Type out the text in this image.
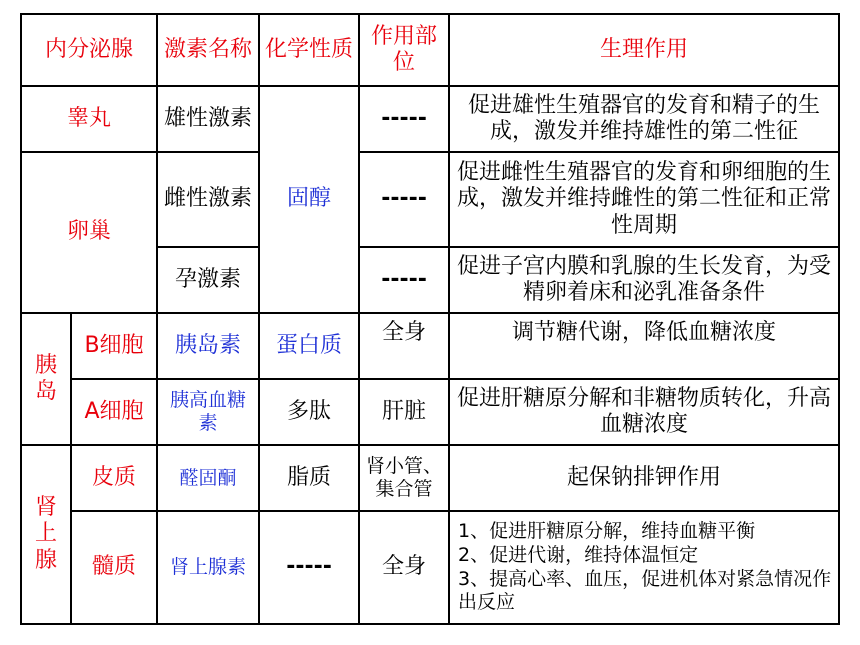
内分泌腺		激素名称	化学性质	作用部位	生理作用
睾丸		雄性激素	固醇	-----	促进雄性生殖器官的发育和精子的生成，激发并维持雄性的第二性征
卵巢		雌性激素		-----	促进雌性生殖器官的发育和卵细胞的生成，激发并维持雌性的第二性征和正常性周期
		孕激素		-----	促进子宫内膜和乳腺的生长发育，为受精卵着床和泌乳准备条件

胰
岛	B细胞	胰岛素	蛋白质	全身	调节糖代谢，降低血糖浓度
	A细胞	胰高血糖素	多肽	肝脏	促进肝糖原分解和非糖物质转化，升高血糖浓度

肾
上
腺	皮质	醛固酮	脂质	肾小管、集合管	起保钠排钾作用
	髓质	肾上腺素	-----	全身	1、促进肝糖原分解，维持血糖平衡
2、促进代谢，维持体温恒定
3、提高心率、血压，促进机体对紧急情况作出反应
